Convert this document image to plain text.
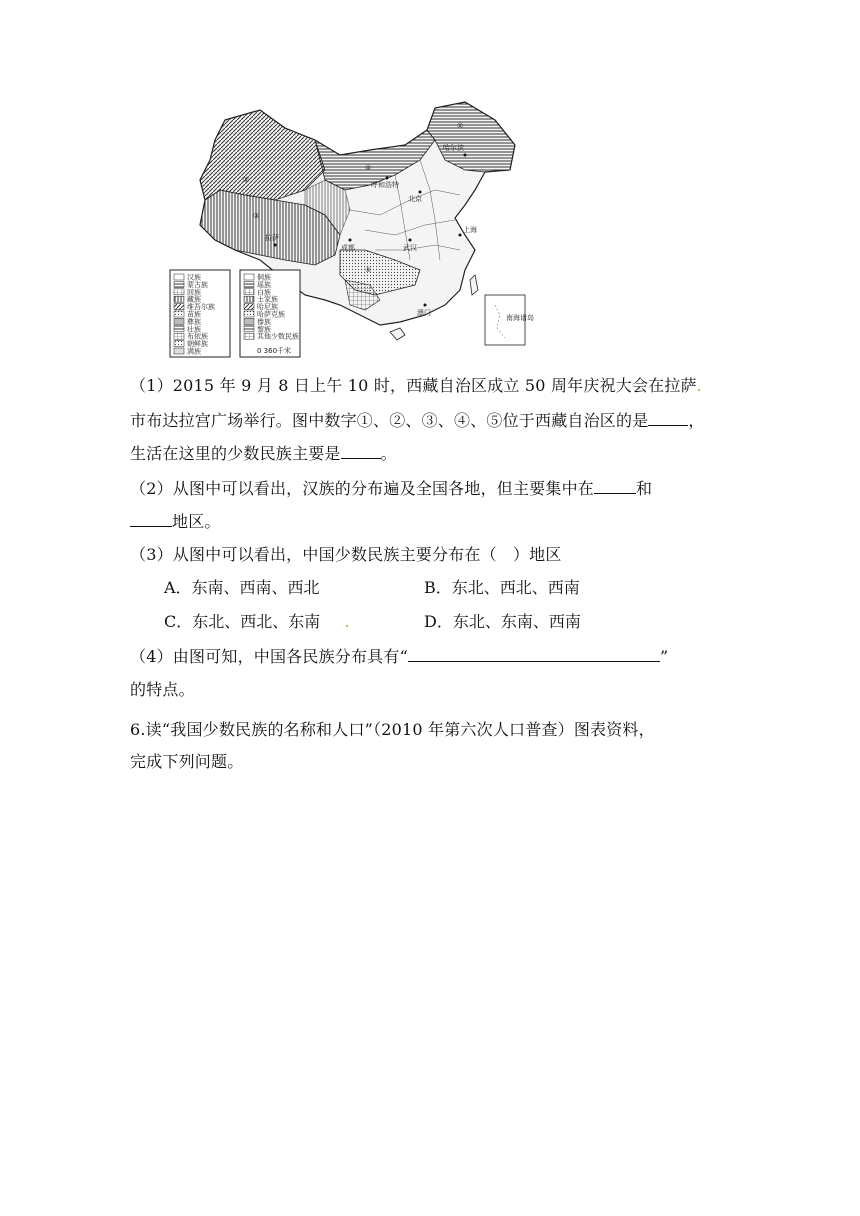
哈尔滨
呼和浩特
北京
拉萨
成都	武汉
上海
澳门
②
③
①
④
⑤
南海诸岛
汉族
蒙古族
回族
藏族
维吾尔族
苗族
彝族
壮族
布依族
朝鲜族
满族
侗族
瑶族
白族
土家族
哈尼族
哈萨克族
傣族
黎族
其他少数民族
0 360千米
（1）2015 年 9 月 8 日上午 10 时，西藏自治区成立 50 周年庆祝大会在拉萨
市布达拉宫广场举行。图中数字①、②、③、④、⑤位于西藏自治区的是	，
生活在这里的少数民族主要是	。
（2）从图中可以看出，汉族的分布遍及全国各地，但主要集中在	和
地区。
（3）从图中可以看出，中国少数民族主要分布在（　）地区
A．东南、西南、西北	B．东北、西北、西南
C．东北、西北、东南	D．东北、东南、西南
（4）由图可知，中国各民族分布具有“	”
的特点。
6.读“我国少数民族的名称和人口”（2010 年第六次人口普查）图表资料，
完成下列问题。
